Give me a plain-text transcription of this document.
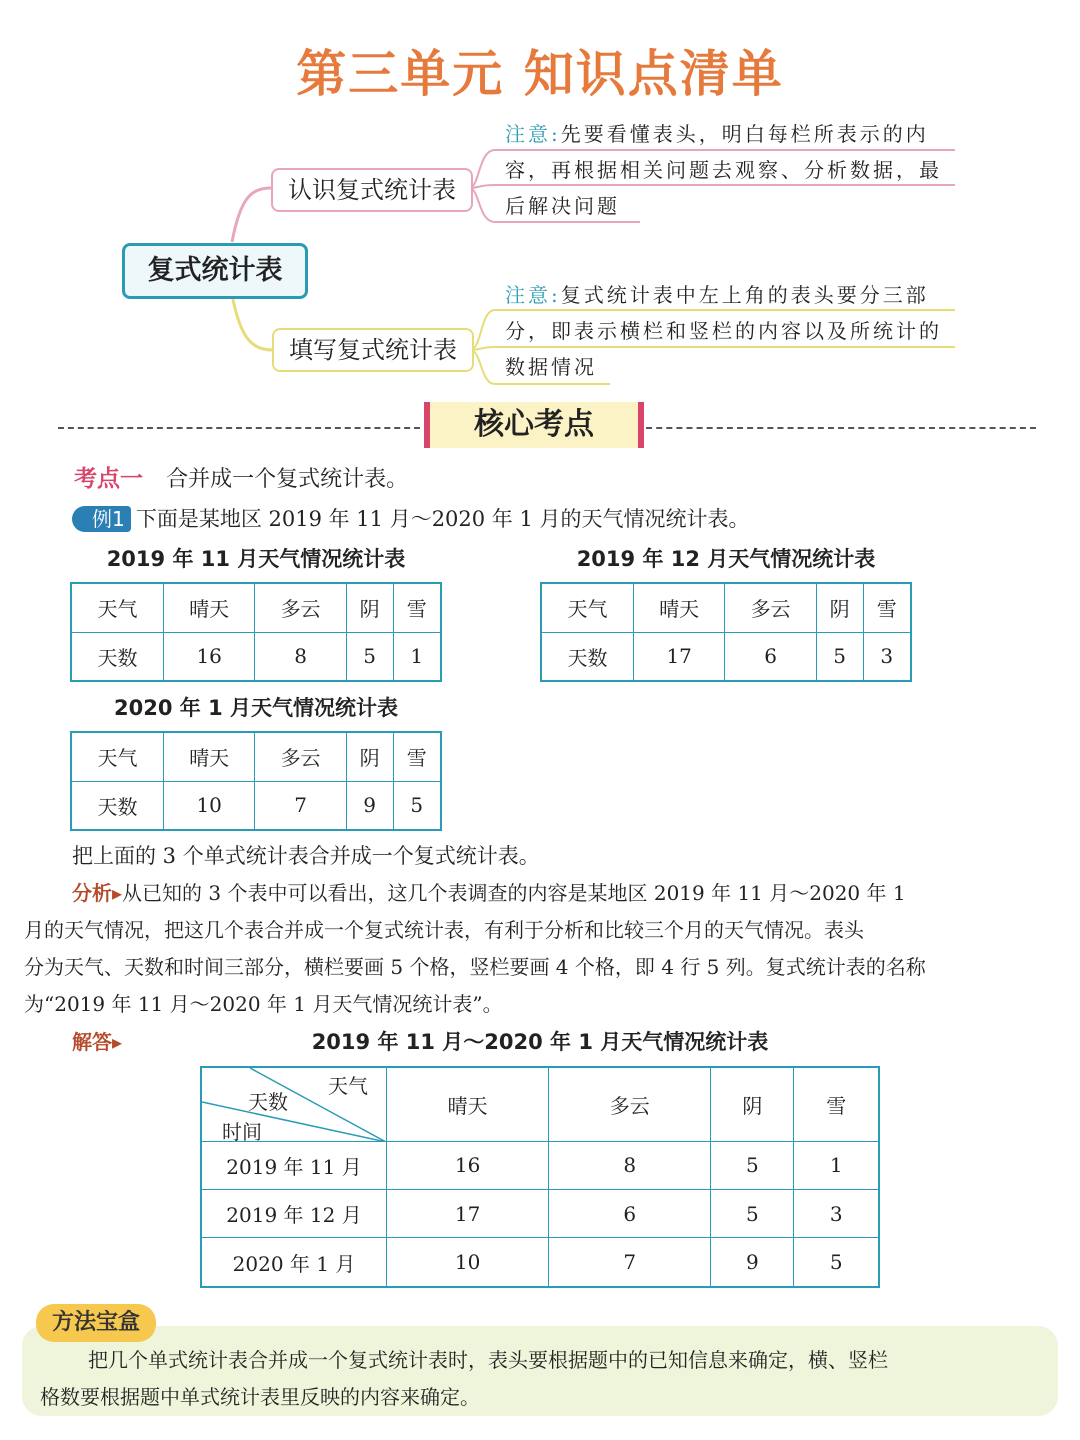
第三单元 知识点清单
复式统计表
认识复式统计表
填写复式统计表
注意:先要看懂表头，明白每栏所表示的内
容，再根据相关问题去观察、分析数据，最
后解决问题
注意:复式统计表中左上角的表头要分三部
分，即表示横栏和竖栏的内容以及所统计的
数据情况
核心考点
考点一 合并成一个复式统计表。
例1 下面是某地区 2019 年 11 月～2020 年 1 月的天气情况统计表。
2019 年 11 月天气情况统计表
天气	晴天	多云	阴	雪
天数	16	8	5	1
2019 年 12 月天气情况统计表
天气	晴天	多云	阴	雪
天数	17	6	5	3
2020 年 1 月天气情况统计表
天气	晴天	多云	阴	雪
天数	10	7	9	5
把上面的 3 个单式统计表合并成一个复式统计表。
分析▸从已知的 3 个表中可以看出，这几个表调查的内容是某地区 2019 年 11 月～2020 年 1
月的天气情况，把这几个表合并成一个复式统计表，有利于分析和比较三个月的天气情况。表头
分为天气、天数和时间三部分，横栏要画 5 个格，竖栏要画 4 个格，即 4 行 5 列。复式统计表的名称
为“2019 年 11 月～2020 年 1 月天气情况统计表”。
解答▸	2019 年 11 月～2020 年 1 月天气情况统计表
天气
天数
时间	晴天	多云	阴	雪
2019 年 11 月	16	8	5	1
2019 年 12 月	17	6	5	3
2020 年 1 月	10	7	9	5
方法宝盒
把几个单式统计表合并成一个复式统计表时，表头要根据题中的已知信息来确定，横、竖栏
格数要根据题中单式统计表里反映的内容来确定。
